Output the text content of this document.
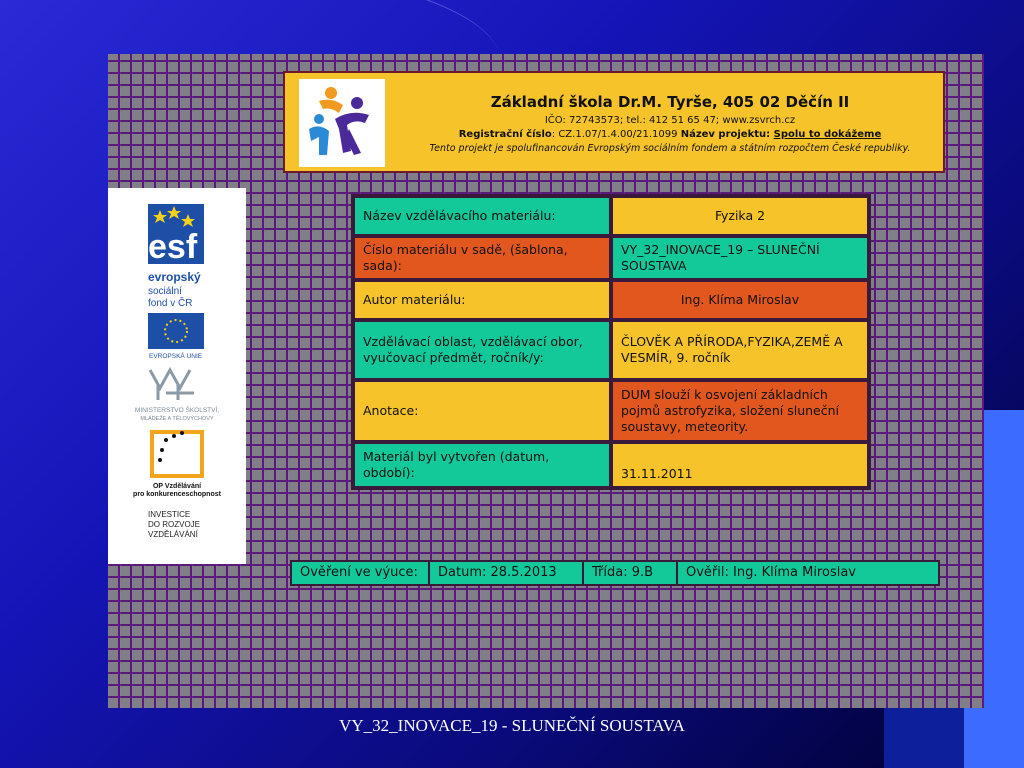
Základní škola Dr.M. Tyrše, 405 02 Děčín II
IČO: 72743573; tel.: 412 51 65 47; www.zsvrch.cz
Registrační číslo: CZ.1.07/1.4.00/21.1099 Název projektu: Spolu to dokážeme
Tento projekt je spolufinancován Evropským sociálním fondem a státním rozpočtem České republiky.
esf
evropský
sociální
fond v ČR
EVROPSKÁ UNIE
MINISTERSTVO ŠKOLSTVÍ,
MLÁDEŽE A TĚLOVÝCHOVY
OP Vzdělávání
pro konkurenceschopnost
INVESTICE
DO ROZVOJE
VZDĚLÁVÁNÍ
Název vzdělávacího materiálu:	Fyzika 2
Číslo materiálu v sadě, (šablona, sada):	VY_32_INOVACE_19 – SLUNEČNÍ SOUSTAVA
Autor materiálu:	Ing. Klíma Miroslav
Vzdělávací oblast, vzdělávací obor, vyučovací předmět, ročník/y:	ČLOVĚK A PŘÍRODA,FYZIKA,ZEMĚ A VESMÍR, 9. ročník
Anotace:	DUM slouží k osvojení základních pojmů astrofyzika, složení sluneční soustavy, meteority.
Materiál byl vytvořen (datum, období):	31.11.2011
Ověření ve výuce:	Datum: 28.5.2013	Třída: 9.B	Ověřil: Ing. Klíma Miroslav
VY_32_INOVACE_19 - SLUNEČNÍ SOUSTAVA
